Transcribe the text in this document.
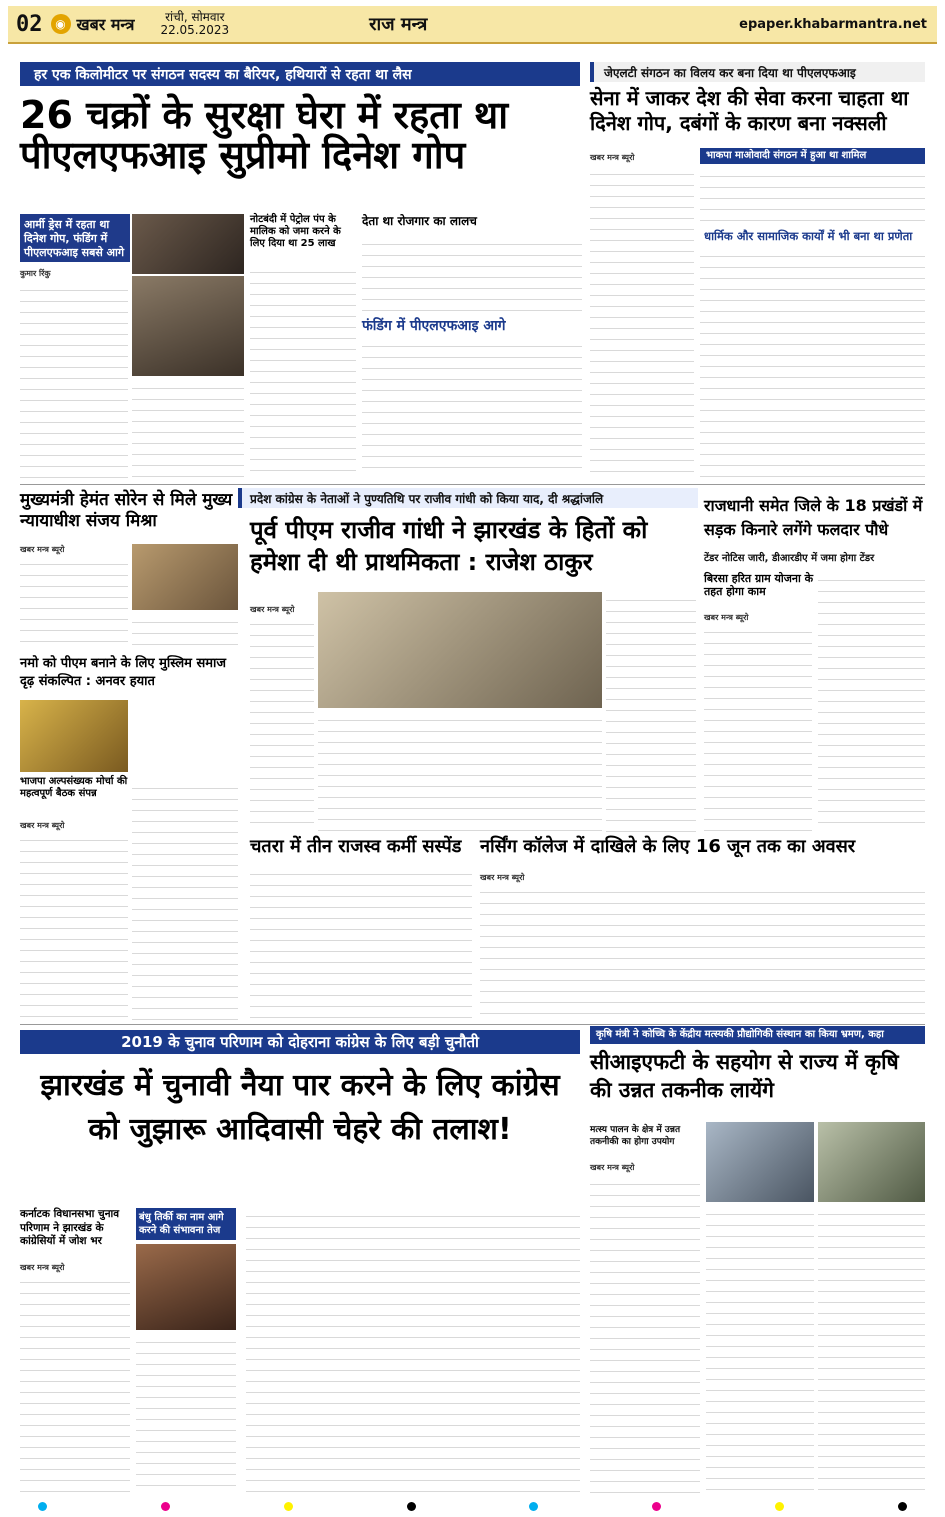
02	◉ खबर मन्त्र	रांची, सोमवार
22.05.2023	राज मन्त्र	epaper.khabarmantra.net
हर एक किलोमीटर पर संगठन सदस्य का बैरियर, हथियारों से रहता था लैस
26 चक्रों के सुरक्षा घेरा में रहता था पीएलएफआइ सुप्रीमो दिनेश गोप
आर्मी ड्रेस में रहता था दिनेश गोप, फंडिंग में पीएलएफआइ सबसे आगे
नोटबंदी में पेट्रोल पंप के मालिक को जमा करने के लिए दिया था 25 लाख
देता था रोजगार का लालच
फंडिंग में पीएलएफआइ आगे
कुमार रिंकु
जेएलटी संगठन का विलय कर बना दिया था पीएलएफआइ
सेना में जाकर देश की सेवा करना चाहता था दिनेश गोप, दबंगों के कारण बना नक्सली
खबर मन्त्र ब्यूरो	भाकपा माओवादी संगठन में हुआ था शामिल
धार्मिक और सामाजिक कार्यों में भी बना था प्रणेता
मुख्यमंत्री हेमंत सोरेन से मिले मुख्य न्यायाधीश संजय मिश्रा
खबर मन्त्र ब्यूरो
नमो को पीएम बनाने के लिए मुस्लिम समाज दृढ़ संकल्पित : अनवर हयात
भाजपा अल्पसंख्यक मोर्चा की महत्वपूर्ण बैठक संपन्न
खबर मन्त्र ब्यूरो
प्रदेश कांग्रेस के नेताओं ने पुण्यतिथि पर राजीव गांधी को किया याद, दी श्रद्धांजलि
पूर्व पीएम राजीव गांधी ने झारखंड के हितों को हमेशा दी थी प्राथमिकता : राजेश ठाकुर
खबर मन्त्र ब्यूरो
राजधानी समेत जिले के 18 प्रखंडों में सड़क किनारे लगेंगे फलदार पौधे
टेंडर नोटिस जारी, डीआरडीए में जमा होगा टेंडर
बिरसा हरित ग्राम योजना के तहत होगा काम
खबर मन्त्र ब्यूरो
चतरा में तीन राजस्व कर्मी सस्पेंड	नर्सिंग कॉलेज में दाखिले के लिए 16 जून तक का अवसर
खबर मन्त्र ब्यूरो
2019 के चुनाव परिणाम को दोहराना कांग्रेस के लिए बड़ी चुनौती
झारखंड में चुनावी नैया पार करने के लिए कांग्रेस को जुझारू आदिवासी चेहरे की तलाश!
कर्नाटक विधानसभा चुनाव परिणाम ने झारखंड के कांग्रेसियों में जोश भर
बंधु तिर्की का नाम आगे करने की संभावना तेज
खबर मन्त्र ब्यूरो
कृषि मंत्री ने कोच्चि के केंद्रीय मत्स्यकी प्रौद्योगिकी संस्थान का किया भ्रमण, कहा
सीआइएफटी के सहयोग से राज्य में कृषि की उन्नत तकनीक लायेंगे
मत्स्य पालन के क्षेत्र में उन्नत तकनीकी का होगा उपयोग
खबर मन्त्र ब्यूरो
